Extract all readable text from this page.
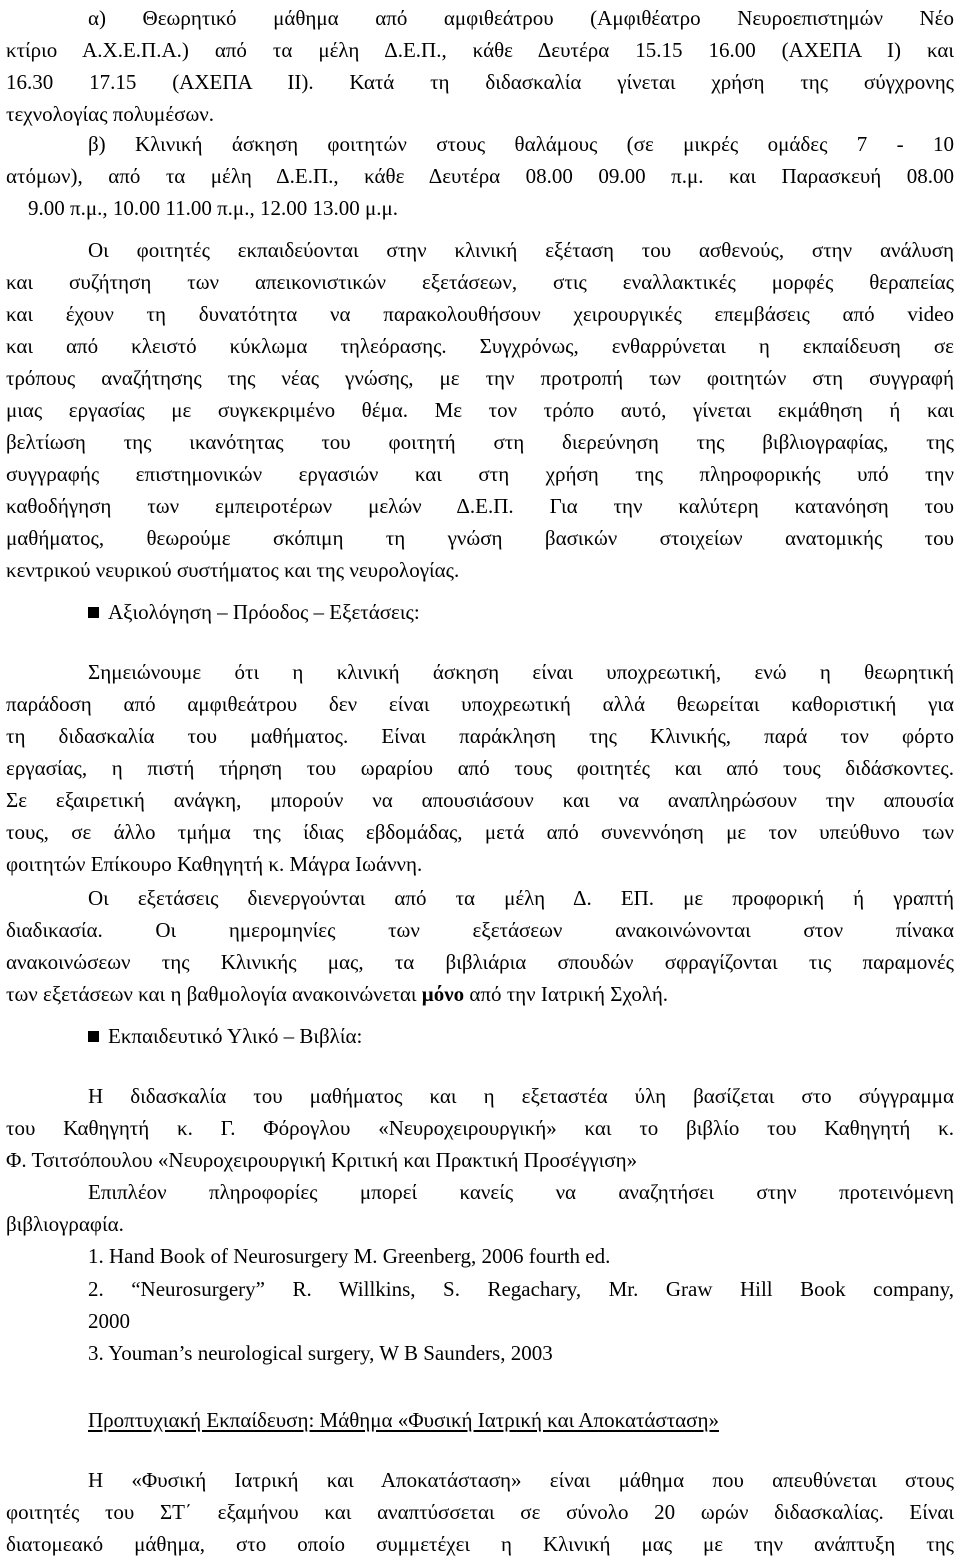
α) Θεωρητικό μάθημα από αμφιθεάτρου (Αμφιθέατρο Νευροεπιστημών Νέο
κτίριο Α.Χ.Ε.Π.Α.) από τα μέλη Δ.Ε.Π., κάθε Δευτέρα 15.15 16.00 (ΑΧΕΠΑ Ι) και
16.30 17.15 (ΑΧΕΠΑ ΙΙ). Κατά τη διδασκαλία γίνεται χρήση της σύγχρονης
τεχνολογίας πολυμέσων.
β) Κλινική άσκηση φοιτητών στους θαλάμους (σε μικρές ομάδες 7 - 10
ατόμων), από τα μέλη Δ.Ε.Π., κάθε Δευτέρα 08.00 09.00 π.μ. και Παρασκευή 08.00
9.00 π.μ., 10.00 11.00 π.μ., 12.00 13.00 μ.μ.
Οι φοιτητές εκπαιδεύονται στην κλινική εξέταση του ασθενούς, στην ανάλυση
και συζήτηση των απεικονιστικών εξετάσεων, στις εναλλακτικές μορφές θεραπείας
και έχουν τη δυνατότητα να παρακολουθήσουν χειρουργικές επεμβάσεις από video
και από κλειστό κύκλωμα τηλεόρασης. Συγχρόνως, ενθαρρύνεται η εκπαίδευση σε
τρόπους αναζήτησης της νέας γνώσης, με την προτροπή των φοιτητών στη συγγραφή
μιας εργασίας με συγκεκριμένο θέμα. Με τον τρόπο αυτό, γίνεται εκμάθηση ή και
βελτίωση της ικανότητας του φοιτητή στη διερεύνηση της βιβλιογραφίας, της
συγγραφής επιστημονικών εργασιών και στη χρήση της πληροφορικής υπό την
καθοδήγηση των εμπειροτέρων μελών Δ.Ε.Π. Για την καλύτερη κατανόηση του
μαθήματος, θεωρούμε σκόπιμη τη γνώση βασικών στοιχείων ανατομικής του
κεντρικού νευρικού συστήματος και της νευρολογίας.
Αξιολόγηση – Πρόοδος – Εξετάσεις:
Σημειώνουμε ότι η κλινική άσκηση είναι υποχρεωτική, ενώ η θεωρητική
παράδοση από αμφιθεάτρου δεν είναι υποχρεωτική αλλά θεωρείται καθοριστική για
τη διδασκαλία του μαθήματος. Είναι παράκληση της Κλινικής, παρά τον φόρτο
εργασίας, η πιστή τήρηση του ωραρίου από τους φοιτητές και από τους διδάσκοντες.
Σε εξαιρετική ανάγκη, μπορούν να απουσιάσουν και να αναπληρώσουν την απουσία
τους, σε άλλο τμήμα της ίδιας εβδομάδας, μετά από συνεννόηση με τον υπεύθυνο των
φοιτητών Επίκουρο Καθηγητή κ. Μάγρα Ιωάννη.
Οι εξετάσεις διενεργούνται από τα μέλη Δ. ΕΠ. με προφορική ή γραπτή
διαδικασία. Οι ημερομηνίες των εξετάσεων ανακοινώνονται στον πίνακα
ανακοινώσεων της Κλινικής μας, τα βιβλιάρια σπουδών σφραγίζονται τις παραμονές
των εξετάσεων και η βαθμολογία ανακοινώνεται μόνο από την Ιατρική Σχολή.
Εκπαιδευτικό Υλικό – Βιβλία:
Η διδασκαλία του μαθήματος και η εξεταστέα ύλη βασίζεται στο σύγγραμμα
του Καθηγητή κ. Γ. Φόρογλου «Νευροχειρουργική» και το βιβλίο του Καθηγητή κ.
Φ. Τσιτσόπουλου «Νευροχειρουργική Κριτική και Πρακτική Προσέγγιση»
Επιπλέον πληροφορίες μπορεί κανείς να αναζητήσει στην προτεινόμενη
βιβλιογραφία.
1. Hand Book of Neurosurgery M. Greenberg, 2006 fourth ed.
2. “Neurosurgery” R. Willkins, S. Regachary, Mr. Graw Hill Book company,
2000
3. Youman’s neurological surgery, W B Saunders, 2003
Προπτυχιακή Εκπαίδευση: Μάθημα «Φυσική Ιατρική και Αποκατάσταση»
Η «Φυσική Ιατρική και Αποκατάσταση» είναι μάθημα που απευθύνεται στους
φοιτητές του ΣΤ΄ εξαμήνου και αναπτύσσεται σε σύνολο 20 ωρών διδασκαλίας. Είναι
διατομεακό μάθημα, στο οποίο συμμετέχει η Κλινική μας με την ανάπτυξη της
